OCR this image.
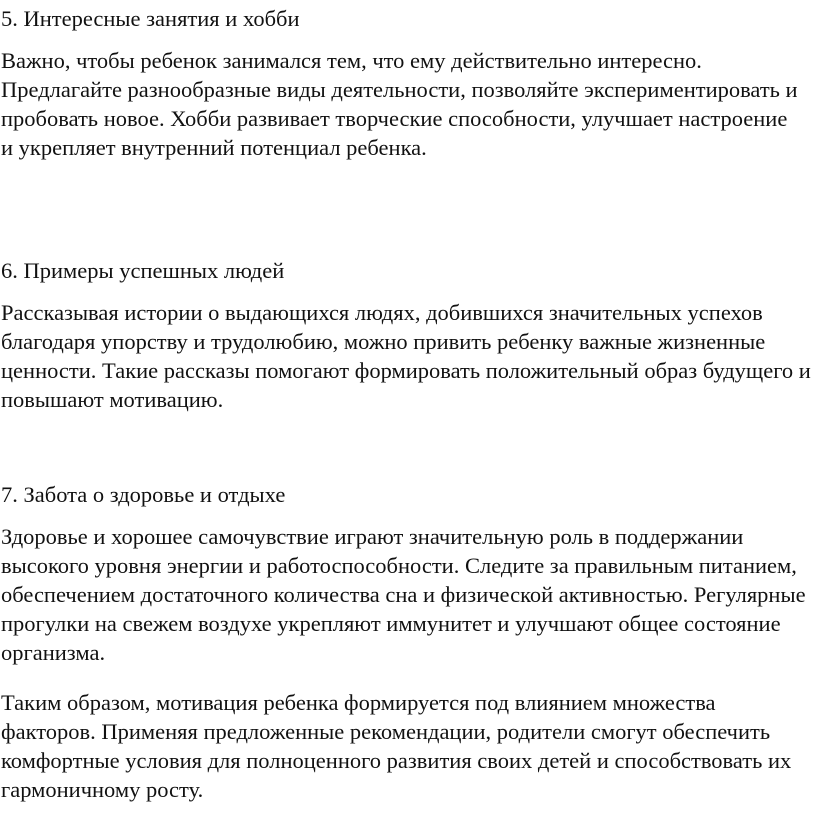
5. Интересные занятия и хобби

Важно, чтобы ребенок занимался тем, что ему действительно интересно. Предлагайте разнообразные виды деятельности, позволяйте экспериментировать и пробовать новое. Хобби развивает творческие способности, улучшает настроение и укрепляет внутренний потенциал ребенка.

6. Примеры успешных людей

Рассказывая истории о выдающихся людях, добившихся значительных успехов благодаря упорству и трудолюбию, можно привить ребенку важные жизненные ценности. Такие рассказы помогают формировать положительный образ будущего и повышают мотивацию.

7. Забота о здоровье и отдыхе

Здоровье и хорошее самочувствие играют значительную роль в поддержании высокого уровня энергии и работоспособности. Следите за правильным питанием, обеспечением достаточного количества сна и физической активностью. Регулярные прогулки на свежем воздухе укрепляют иммунитет и улучшают общее состояние организма.

Таким образом, мотивация ребенка формируется под влиянием множества факторов. Применяя предложенные рекомендации, родители смогут обеспечить комфортные условия для полноценного развития своих детей и способствовать их гармоничному росту.
